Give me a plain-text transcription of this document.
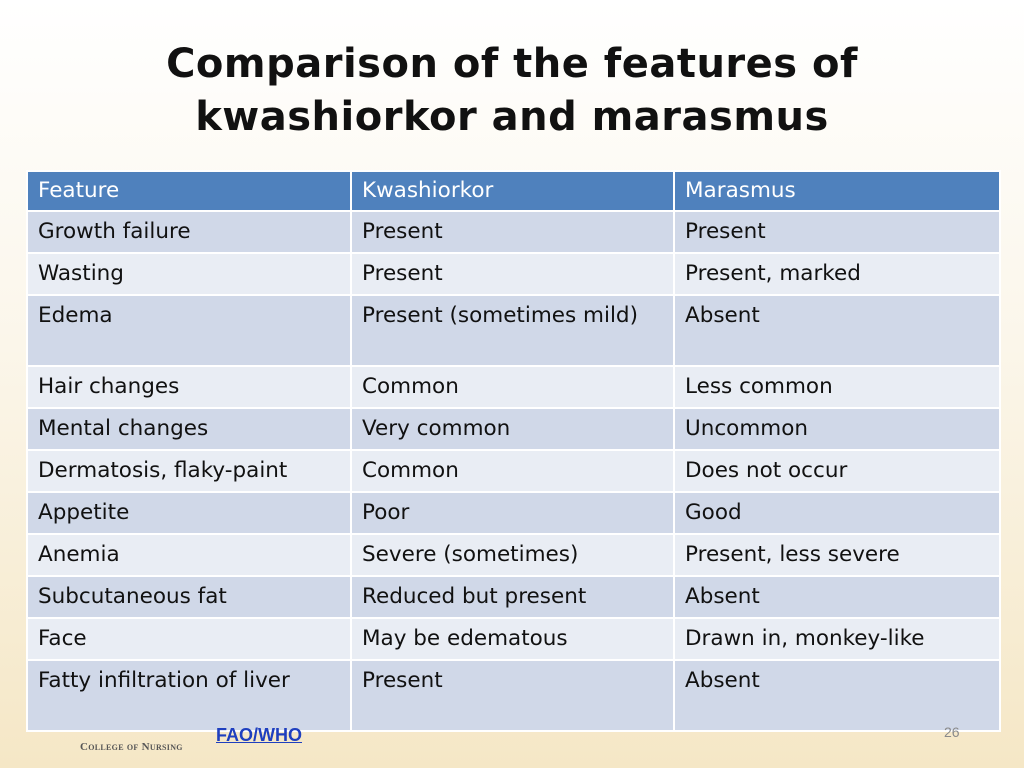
Comparison of the features of
kwashiorkor and marasmus
Feature	Kwashiorkor	Marasmus
Growth failure	Present	Present
Wasting	Present	Present, marked
Edema	Present (sometimes mild)	Absent
Hair changes	Common	Less common
Mental changes	Very common	Uncommon
Dermatosis, flaky-paint	Common	Does not occur
Appetite	Poor	Good
Anemia	Severe (sometimes)	Present, less severe
Subcutaneous fat	Reduced but present	Absent
Face	May be edematous	Drawn in, monkey-like
Fatty infiltration of liver	Present	Absent
FAO/WHO	26
College of Nursing
